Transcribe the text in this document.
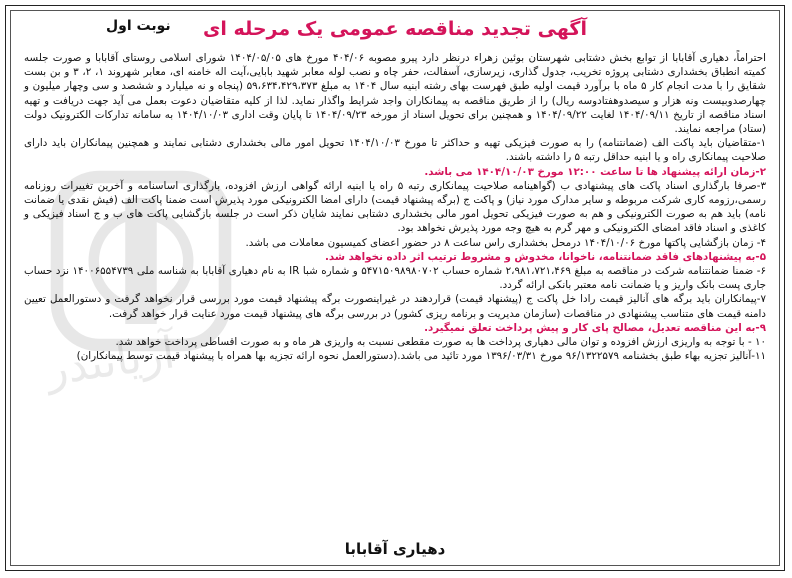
آریاتندر
نوبت اول	آگهی تجدید مناقصه عمومی یک مرحله ای

احتراماً، دهیاری آقابابا از توابع بخش دشتابی شهرستان بوئین زهراء درنظر دارد پیرو مصوبه ۴۰۴/۰۶ مورخ های ۱۴۰۴/۰۵/۰۵ شورای اسلامی روستای آقابابا و صورت جلسه کمیته انطباق بخشداری دشتابی پروژه تخریب، جدول گذاری، زیرسازی، آسفالت، حفر چاه و نصب لوله معابر شهید بابایی،آیت اله خامنه ای، معابر شهروند ۱، ۲، ۳ و بن بست شقایق را با مدت انجام کار ۵ ماه با برآورد قیمت اولیه طبق فهرست بهای رشته ابنیه سال ۱۴۰۴ به مبلغ ۵۹،۶۳۴،۴۲۹،۳۷۳ (پنجاه و نه میلیارد و ششصد و سی وچهار میلیون و چهارصدوبیست ونه هزار و سیصدوهفتادوسه ریال) را از طریق مناقصه به پیمانکاران واجد شرایط واگذار نماید. لذا از کلیه متقاضیان دعوت بعمل می آید جهت دریافت و تهیه اسناد مناقصه از تاریخ ۱۴۰۴/۰۹/۱۱ لغایت ۱۴۰۴/۰۹/۲۲ و همچنین برای تحویل اسناد از مورخه ۱۴۰۴/۰۹/۲۳ تا پایان وقت اداری ۱۴۰۴/۱۰/۰۳ به سامانه تدارکات الکترونیک دولت (ستاد) مراجعه نمایند.

۱-متقاضیان باید پاکت الف (ضمانتنامه) را به صورت فیزیکی تهیه و حداکثر تا مورخ ۱۴۰۴/۱۰/۰۳ تحویل امور مالی بخشداری دشتابی نمایند و همچنین پیمانکاران باید دارای صلاحیت پیمانکاری راه و یا ابنیه حداقل رتبه ۵ را داشته باشند.

۲-زمان ارائه پیشنهاد ها تا ساعت ۱۲:۰۰ مورخ ۱۴۰۴/۱۰/۰۳ می باشد.

۳-صرفا بارگذاری اسناد پاکت های پیشنهادی ب (گواهینامه صلاحیت پیمانکاری رتبه ۵ راه یا ابنیه ارائه گواهی ارزش افزوده، بارگذاری اساسنامه و آخرین تغییرات روزنامه رسمی،رزومه کاری شرکت مربوطه و سایر مدارک مورد نیاز) و پاکت ج (برگه پیشنهاد قیمت) دارای امضا الکترونیکی مورد پذیرش است ضمنا پاکت الف (فیش نقدی یا ضمانت نامه) باید هم به صورت الکترونیکی و هم به صورت فیزیکی تحویل امور مالی بخشداری دشتابی نمایند شایان ذکر است در جلسه بازگشایی پاکت های ب و ج اسناد فیزیکی و کاغذی و اسناد فاقد امضای الکترونیکی و مهر گرم به هیچ وجه مورد پذیرش نخواهد بود.

۴- زمان بازگشایی پاکتها مورخ ۱۴۰۴/۱۰/۰۶ درمحل بخشداری راس ساعت ۸ در حضور اعضای کمیسیون معاملات می باشد.

۵-به پیشنهادهای فاقد ضمانتنامه، ناخوانا، مخدوش و مشروط ترتیب اثر داده نخواهد شد.

۶- ضمنا ضمانتنامه شرکت در مناقصه به مبلغ ۲،۹۸۱،۷۲۱،۴۶۹ شماره حساب ۵۴۷۱۵۰۹۸۹۸۰۷۰۲ و شماره شبا IR به نام دهیاری آقابابا به شناسه ملی ۱۴۰۰۶۵۵۴۷۳۹ نزد حساب جاری پست بانک واریز و یا ضمانت نامه معتبر بانکی ارائه گردد.

۷-پیمانکاران باید برگه های آنالیز قیمت رادا خل پاکت ج (پیشنهاد قیمت) قراردهند در غیراینصورت برگه پیشنهاد قیمت مورد بررسی قرار نخواهد گرفت و دستورالعمل تعیین دامنه قیمت های متناسب پیشنهادی در مناقصات (سازمان مدیریت و برنامه ریزی کشور) در بررسی برگه های پیشنهاد قیمت مورد عنایت قرار خواهد گرفت.

۹-به این مناقصه تعدیل، مصالح پای کار و پیش پرداخت تعلق نمیگیرد.

۱۰ - با توجه به واریزی ارزش افزوده و توان مالی دهیاری پرداخت ها به صورت مقطعی نسبت به واریزی هر ماه و به صورت اقساطی پرداخت خواهد شد.

۱۱-آنالیز تجزیه بهاء طبق بخشنامه ۹۶/۱۳۲۲۵۷۹ مورخ ۱۳۹۶/۰۳/۳۱ مورد تائید می باشد.(دستورالعمل نحوه ارائه تجزیه بها همراه با پیشنهاد قیمت توسط پیمانکاران)

دهیاری آقابابا
